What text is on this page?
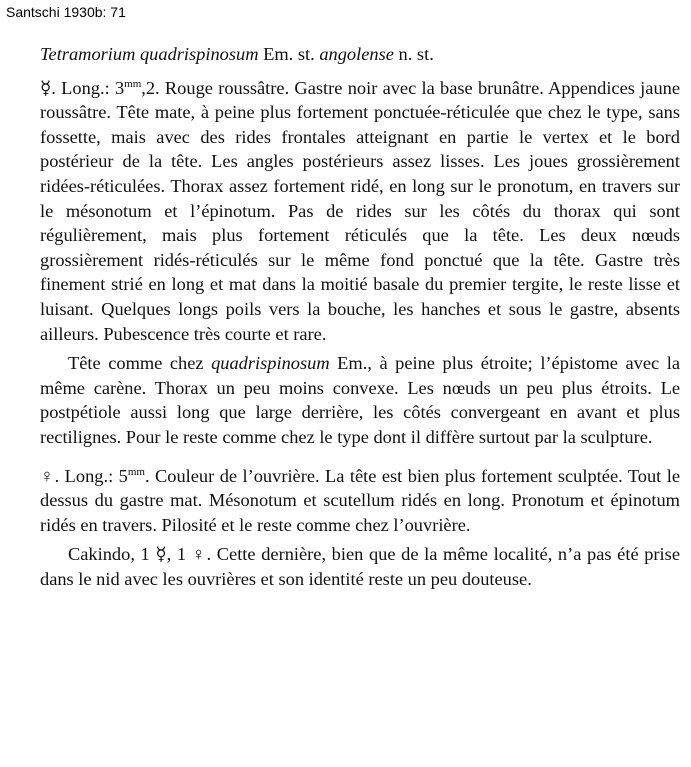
Santschi 1930b: 71

Tetramorium quadrispinosum Em. st. angolense n. st.

☿. Long.: $3^{mm},2$. Rouge roussâtre. Gastre noir avec la base brunâtre. Appendices jaune roussâtre. Tête mate, à peine plus fortement ponctuée-réticulée que chez le type, sans fossette, mais avec des rides frontales atteignant en partie le vertex et le bord postérieur de la tête. Les angles postérieurs assez lisses. Les joues grossièrement ridées-réticulées. Thorax assez fortement ridé, en long sur le pronotum, en travers sur le mésonotum et l’épinotum. Pas de rides sur les côtés du thorax qui sont régulièrement, mais plus fortement réticulés que la tête. Les deux nœuds grossièrement ridés-réticulés sur le même fond ponctué que la tête. Gastre très finement strié en long et mat dans la moitié basale du premier tergite, le reste lisse et luisant. Quelques longs poils vers la bouche, les hanches et sous le gastre, absents ailleurs. Pubescence très courte et rare.

Tête comme chez quadrispinosum Em., à peine plus étroite; l’épistome avec la même carène. Thorax un peu moins convexe. Les nœuds un peu plus étroits. Le postpétiole aussi long que large derrière, les côtés convergeant en avant et plus rectilignes. Pour le reste comme chez le type dont il diffère surtout par la sculpture.

♀. Long.: $5^{mm}$. Couleur de l’ouvrière. La tête est bien plus fortement sculptée. Tout le dessus du gastre mat. Mésonotum et scutellum ridés en long. Pronotum et épinotum ridés en travers. Pilosité et le reste comme chez l’ouvrière.

Cakindo, 1 ☿, 1 ♀. Cette dernière, bien que de la même localité, n’a pas été prise dans le nid avec les ouvrières et son identité reste un peu douteuse.
